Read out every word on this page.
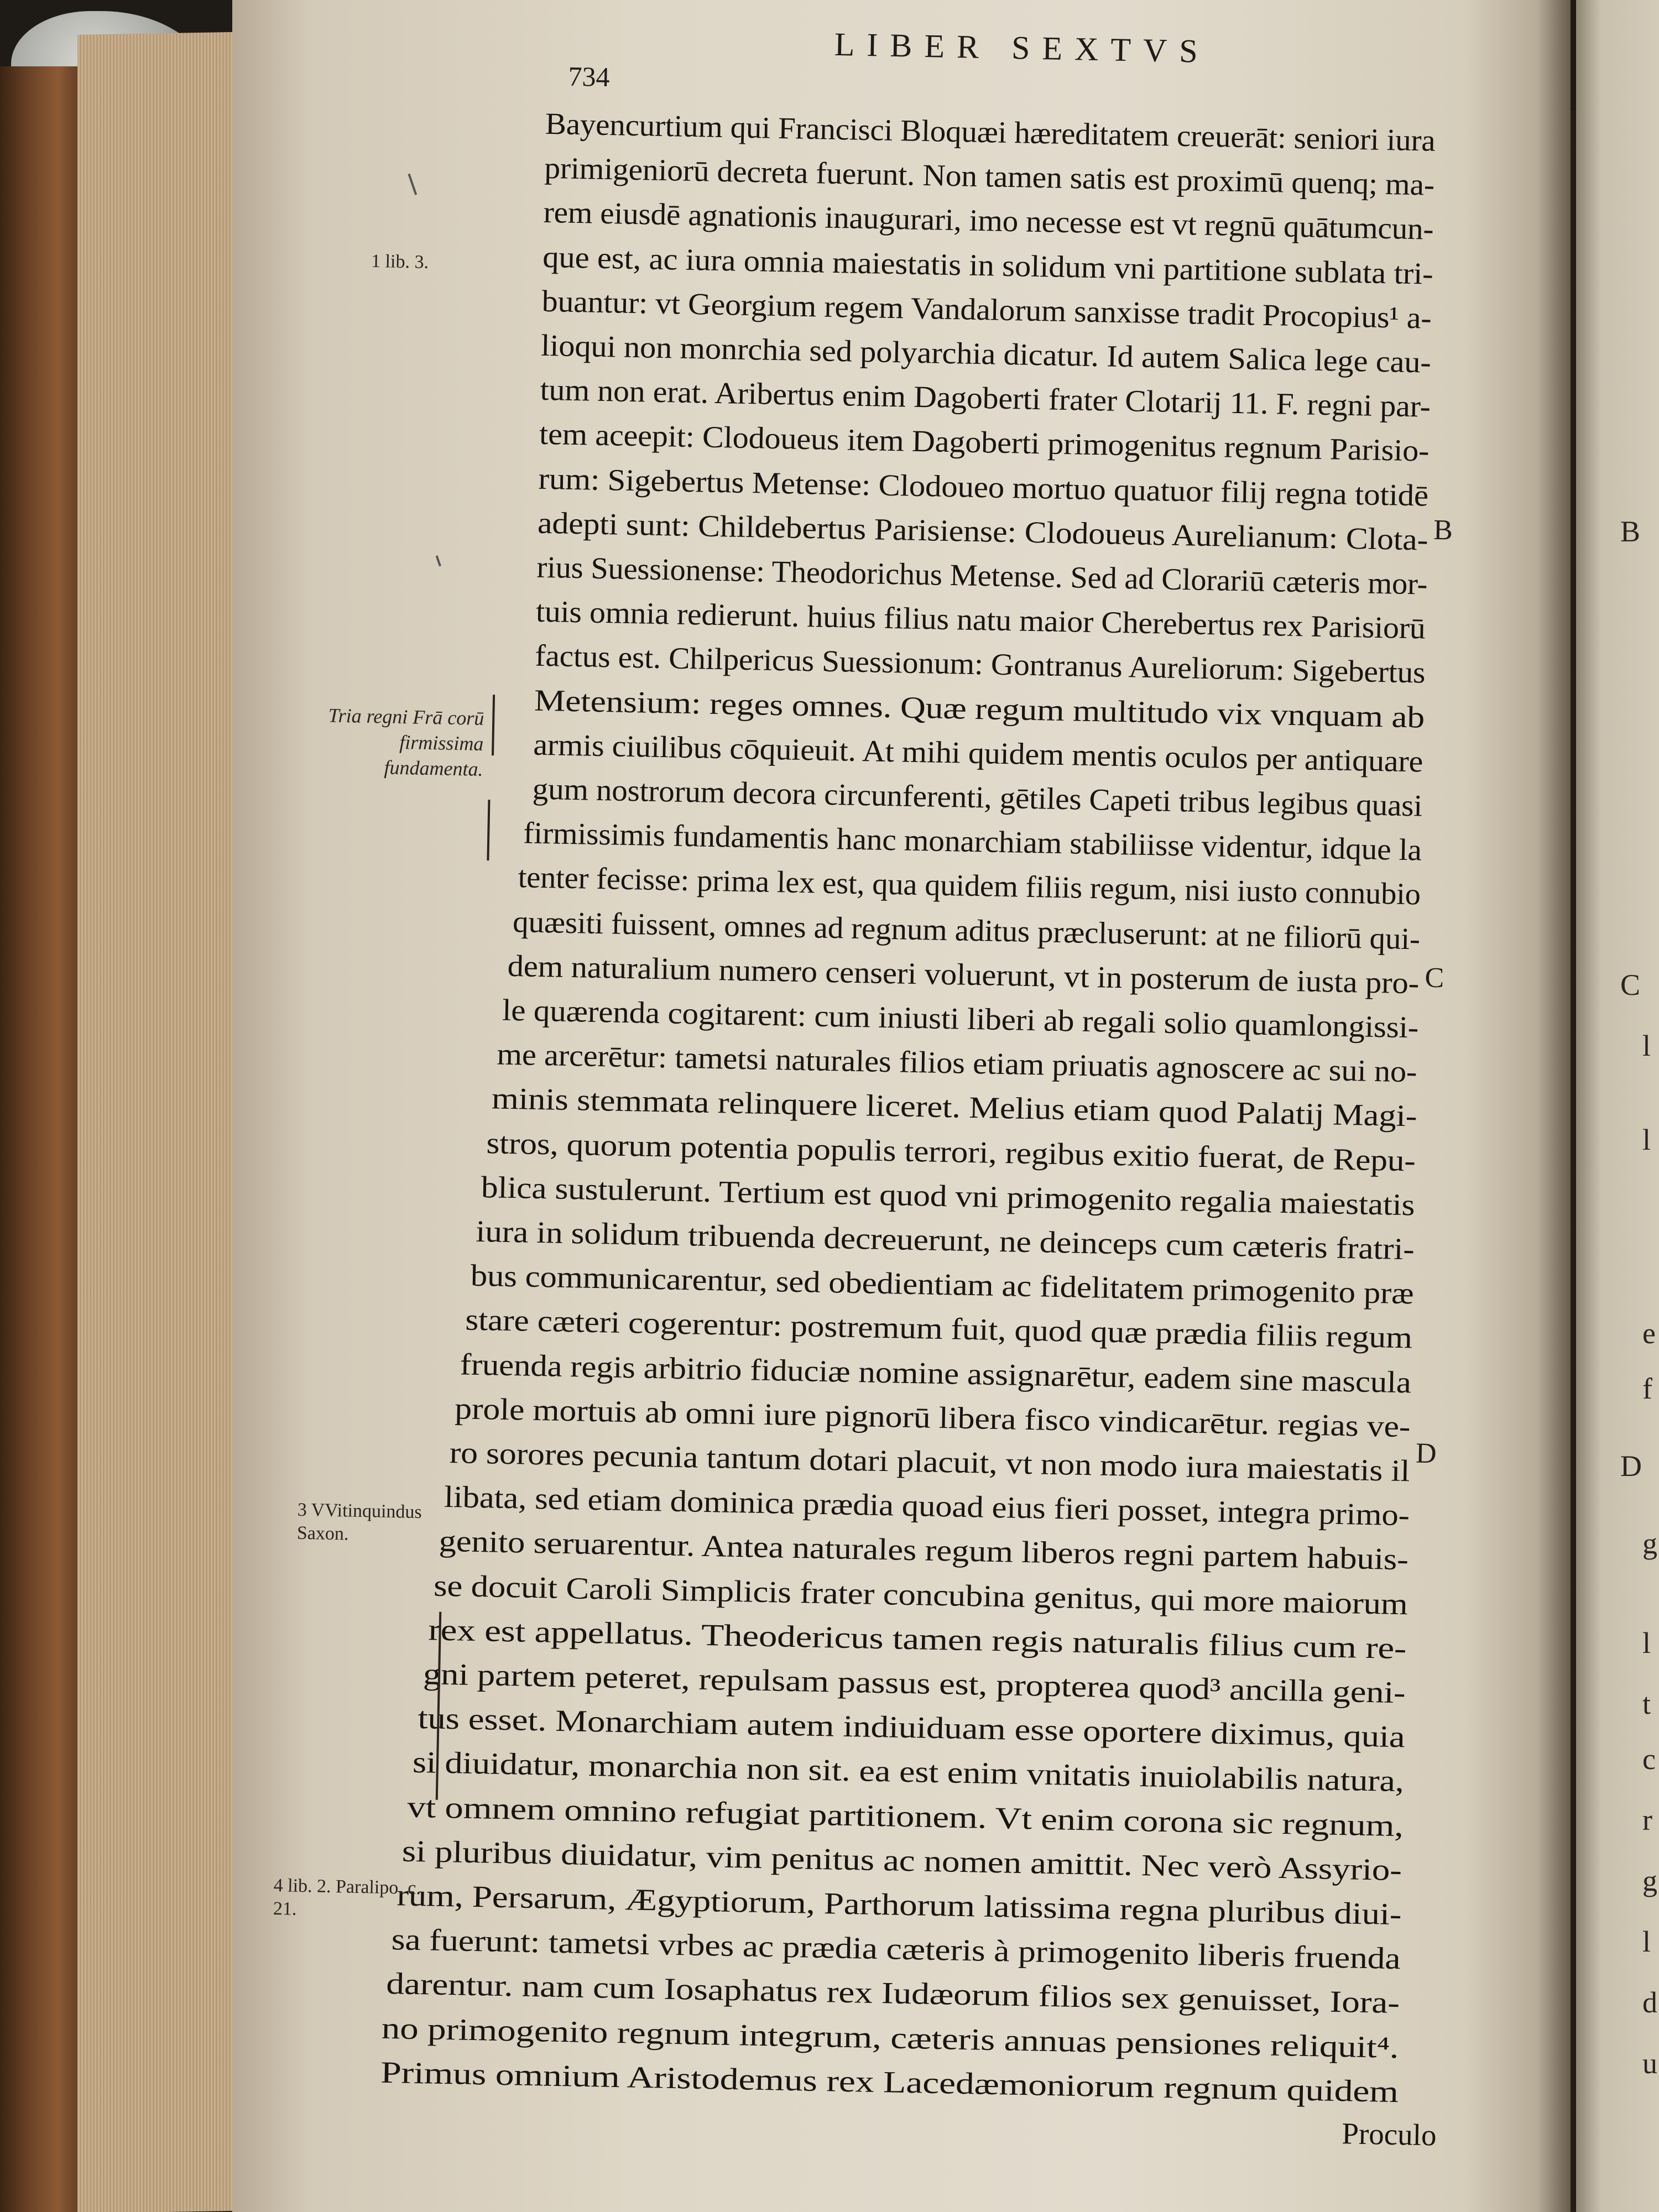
B
C
D
l
l
e
f
g
l
t
c
r
g
l
d
u
LIBER SEXTVS
734
Bayencurtium qui Francisci Bloquæi hæreditatem creuerāt: seniori iura
primigeniorū decreta fuerunt. Non tamen satis est proximū quenq; ma-
rem eiusdē agnationis inaugurari, imo necesse est vt regnū quātumcun-
que est, ac iura omnia maiestatis in solidum vni partitione sublata tri-
buantur: vt Georgium regem Vandalorum sanxisse tradit Procopius¹ a-
lioqui non monrchia sed polyarchia dicatur. Id autem Salica lege cau-
tum non erat. Aribertus enim Dagoberti frater Clotarij 11. F. regni par-
tem aceepit: Clodoueus item Dagoberti primogenitus regnum Parisio-
rum: Sigebertus Metense: Clodoueo mortuo quatuor filij regna totidē
adepti sunt: Childebertus Parisiense: Clodoueus Aurelianum: Clota-
rius Suessionense: Theodorichus Metense. Sed ad Clorariū cæteris mor-
tuis omnia redierunt. huius filius natu maior Cherebertus rex Parisiorū
factus est. Chilpericus Suessionum: Gontranus Aureliorum: Sigebertus
Metensium: reges omnes. Quæ regum multitudo vix vnquam ab
armis ciuilibus cōquieuit. At mihi quidem mentis oculos per antiquare
gum nostrorum decora circunferenti, gētiles Capeti tribus legibus quasi
firmissimis fundamentis hanc monarchiam stabiliisse videntur, idque la
tenter fecisse: prima lex est, qua quidem filiis regum, nisi iusto connubio
quæsiti fuissent, omnes ad regnum aditus præcluserunt: at ne filiorū qui-
dem naturalium numero censeri voluerunt, vt in posterum de iusta pro-
le quærenda cogitarent: cum iniusti liberi ab regali solio quamlongissi-
me arcerētur: tametsi naturales filios etiam priuatis agnoscere ac sui no-
minis stemmata relinquere liceret. Melius etiam quod Palatij Magi-
stros, quorum potentia populis terrori, regibus exitio fuerat, de Repu-
blica sustulerunt. Tertium est quod vni primogenito regalia maiestatis
iura in solidum tribuenda decreuerunt, ne deinceps cum cæteris fratri-
bus communicarentur, sed obedientiam ac fidelitatem primogenito præ
stare cæteri cogerentur: postremum fuit, quod quæ prædia filiis regum
fruenda regis arbitrio fiduciæ nomine assignarētur, eadem sine mascula
prole mortuis ab omni iure pignorū libera fisco vindicarētur. regias ve-
ro sorores pecunia tantum dotari placuit, vt non modo iura maiestatis il
libata, sed etiam dominica prædia quoad eius fieri posset, integra primo-
genito seruarentur. Antea naturales regum liberos regni partem habuis-
se docuit Caroli Simplicis frater concubina genitus, qui more maiorum
rex est appellatus. Theodericus tamen regis naturalis filius cum re-
gni partem peteret, repulsam passus est, propterea quod³ ancilla geni-
tus esset. Monarchiam autem indiuiduam esse oportere diximus, quia
si diuidatur, monarchia non sit. ea est enim vnitatis inuiolabilis natura,
vt omnem omnino refugiat partitionem. Vt enim corona sic regnum,
si pluribus diuidatur, vim penitus ac nomen amittit. Nec verò Assyrio-
rum, Persarum, Ægyptiorum, Parthorum latissima regna pluribus diui-
sa fuerunt: tametsi vrbes ac prædia cæteris à primogenito liberis fruenda
darentur. nam cum Iosaphatus rex Iudæorum filios sex genuisset, Iora-
no primogenito regnum integrum, cæteris annuas pensiones reliquit⁴.
Primus omnium Aristodemus rex Lacedæmoniorum regnum quidem
B
C
D
1 lib. 3.
Tria regni Frā corū firmissima fundamenta.
3 VVitinquindus Saxon.
4 lib. 2. Paralipo. c. 21.
Proculo
